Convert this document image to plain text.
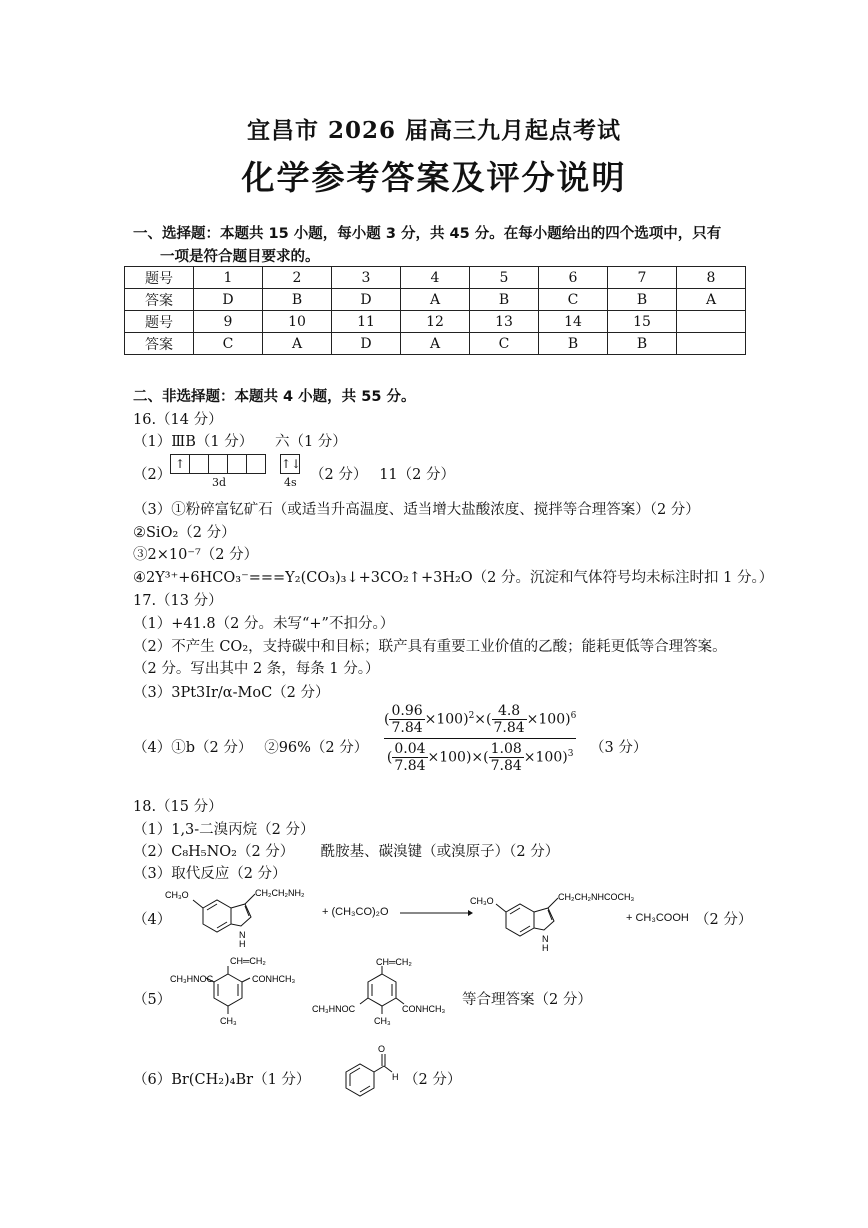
宜昌市 2026 届高三九月起点考试
化学参考答案及评分说明
一、选择题：本题共 15 小题，每小题 3 分，共 45 分。在每小题给出的四个选项中，只有
一项是符合题目要求的。
题号	1	2	3	4	5	6	7	8
答案	D	B	D	A	B	C	B	A
题号	9	10	11	12	13	14	15	
答案	C	A	D	A	C	B	B	
二、非选择题：本题共 4 小题，共 55 分。
16.（14 分）
（1）ⅢB（1 分）　　六（1 分）
（2）
↑	↑↓
3d	4s （2 分）　 11（2 分）
（3）①粉碎富钇矿石（或适当升高温度、适当增大盐酸浓度、搅拌等合理答案）（2 分）
②SiO₂（2 分）
③2×10⁻⁷（2 分）
④2Y³⁺+6HCO₃⁻===Y₂(CO₃)₃↓+3CO₂↑+3H₂O（2 分。沉淀和气体符号均未标注时扣 1 分。）
17.（13 分）
（1）+41.8（2 分。未写“+”不扣分。）
（2）不产生 CO₂，支持碳中和目标；联产具有重要工业价值的乙酸；能耗更低等合理答案。
（2 分。写出其中 2 条，每条 1 分。）
（3）3Pt3Ir/α-MoC（2 分）
（4）①b（2 分）　 ②96%（2 分） $\frac{( \frac{0.96}{7.84} \times 100)^2\times( \frac{4.8}{7.84} \times 100)^6}{( \frac{0.04}{7.84} \times 100)\times( \frac{1.08}{7.84} \times 100)^3} (3$ 分）
18.（15 分）
（1）1,3-二溴丙烷（2 分）
（2）C₈H₅NO₂（2 分）　　 酰胺基、碳溴键（或溴原子）（2 分）
（3）取代反应（2 分）
（4）
CH₃O	CH₂CH₂NH₂
N
H
+ (CH₃CO)₂O
CH₃O	CH₂CH₂NHCOCH₃
N
H
+ CH₃COOH （2 分）
（5）
CH═CH₂
CH₃HNOC	CONHCH₃
CH₃
CH═CH₂
CH₃HNOC	CONHCH₃
CH₃
等合理答案（2 分）
（6）Br(CH₂)₄Br（1 分）
O
H （2 分）
